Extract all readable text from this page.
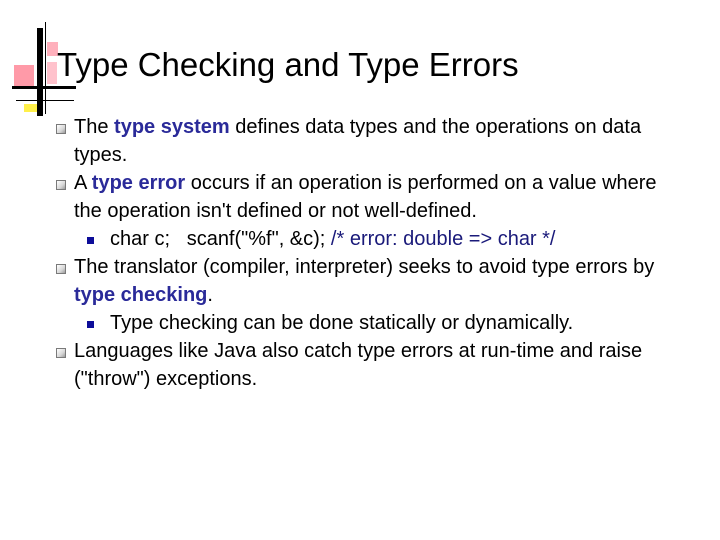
Type Checking and Type Errors

The type system defines data types and the operations on data types.

A type error occurs if an operation is performed on a value where the operation isn't defined or not well-defined.

char c;   scanf("%f", &c); /* error: double => char */

The translator (compiler, interpreter) seeks to avoid type errors by type checking.

Type checking can be done statically or dynamically.

Languages like Java also catch type errors at run-time and raise ("throw") exceptions.
